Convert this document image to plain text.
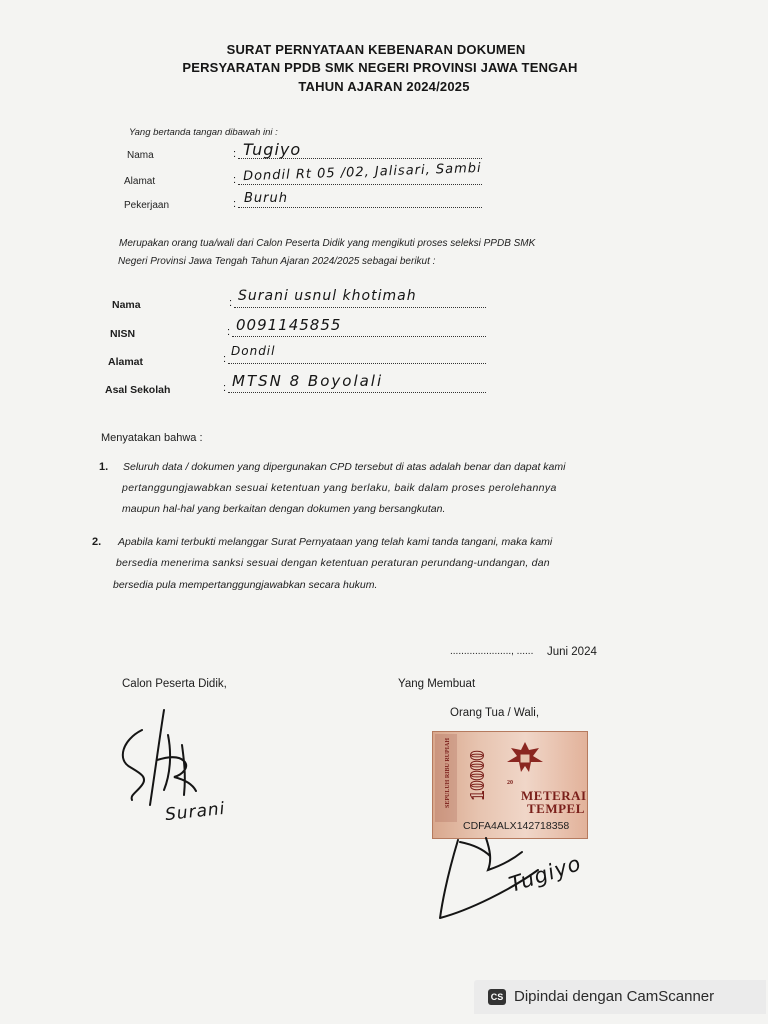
SURAT PERNYATAAN KEBENARAN DOKUMEN
PERSYARATAN PPDB SMK NEGERI PROVINSI JAWA TENGAH
TAHUN AJARAN 2024/2025
Yang bertanda tangan dibawah ini :
Nama	: Tugiyo
Alamat	: Dondil Rt 05 /02, Jalisari, Sambi
Pekerjaan	: Buruh
Merupakan orang tua/wali dari Calon Peserta Didik yang mengikuti proses seleksi PPDB SMK
Negeri Provinsi Jawa Tengah Tahun Ajaran 2024/2025 sebagai berikut :
Nama	: Surani usnul khotimah
NISN	: 0091145855
Alamat	:
Dondil
Asal Sekolah	: MTSN 8 Boyolali
Menyatakan bahwa :
1. Seluruh data / dokumen yang dipergunakan CPD tersebut di atas adalah benar dan dapat kami
pertanggungjawabkan sesuai ketentuan yang berlaku, baik dalam proses perolehannya
maupun hal-hal yang berkaitan dengan dokumen yang bersangkutan.
2. Apabila kami terbukti melanggar Surat Pernyataan yang telah kami tanda tangani, maka kami
bersedia menerima sanksi sesuai dengan ketentuan peraturan perundang-undangan, dan
bersedia pula mempertanggungjawabkan secara hukum.
......................, ...... Juni 2024
Calon Peserta Didik,	Yang Membuat
Orang Tua / Wali,
Surani
SEPULUH RIBU RUPIAH 10000	20
METERAI
TEMPEL
CDFA4ALX142718358
Tugiyo
CS Dipindai dengan CamScanner
